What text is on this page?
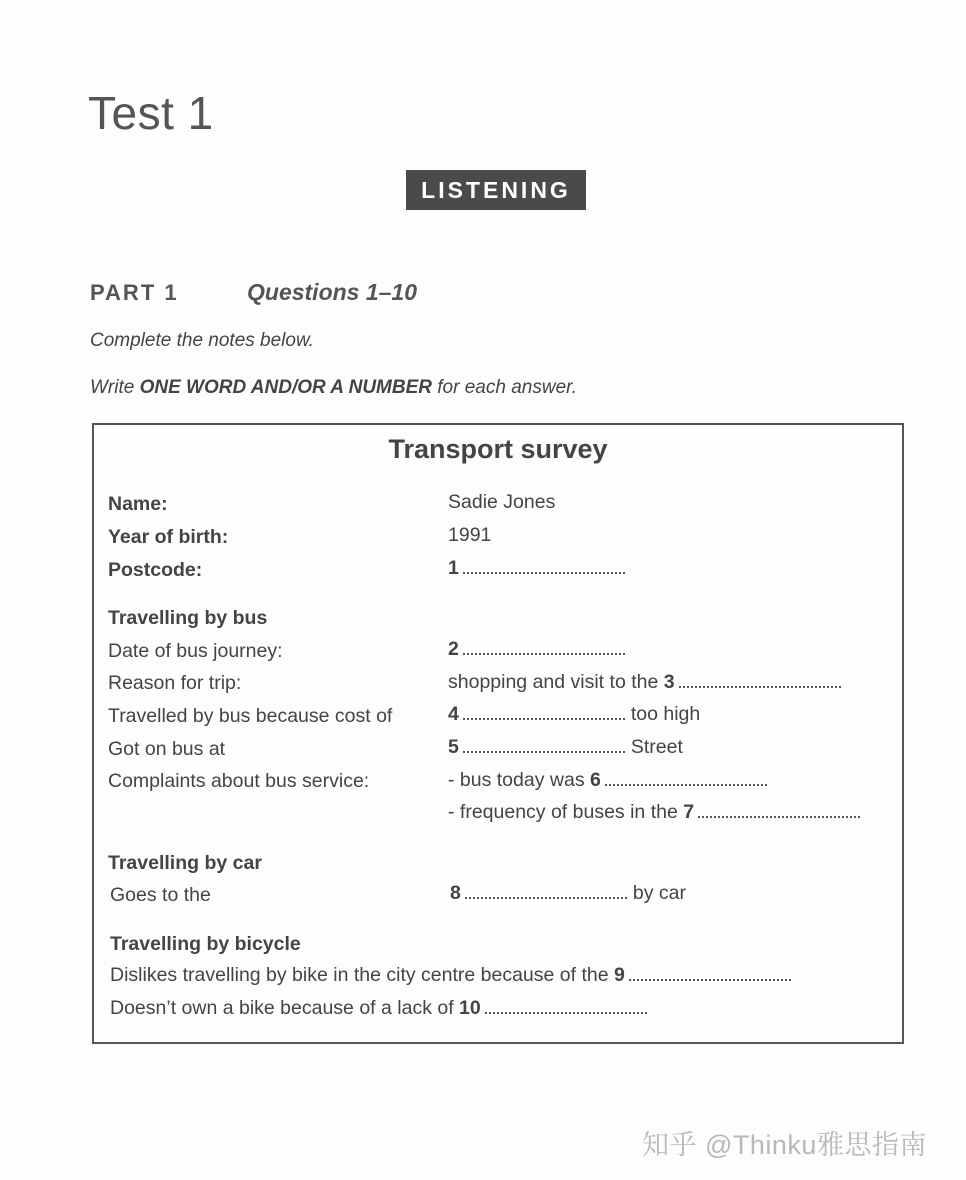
Test 1
LISTENING
PART 1	Questions 1–10
Complete the notes below.
Write ONE WORD AND/OR A NUMBER for each answer.
Transport survey
Name:	Sadie Jones
Year of birth:	1991
Postcode:	1
Travelling by bus
Date of bus journey:	2
Reason for trip:	shopping and visit to the 3
Travelled by bus because cost of	4	too high
Got on bus at	5	Street
Complaints about bus service:	- bus today was 6
- frequency of buses in the 7
Travelling by car
Goes to the	8	by car
Travelling by bicycle
Dislikes travelling by bike in the city centre because of the 9
Doesn’t own a bike because of a lack of 10
知乎 @Thinku雅思指南
